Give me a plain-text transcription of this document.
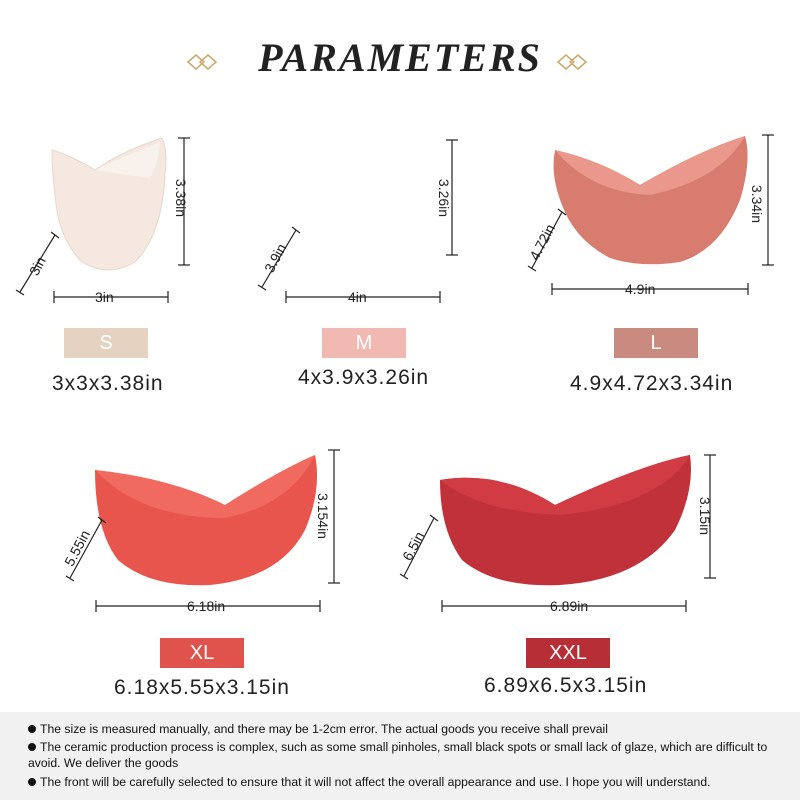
PARAMETERS
3.38in
3in
3in
3.26in
4in
3.9in
3.34in
4.9in
4.72in
3.154in
6.18in
5.55in
3.15in
6.89in
6.5in
S	M	L
XL	XXL
3x3x3.38in	4x3.9x3.26in	4.9x4.72x3.34in
6.18x5.55x3.15in	6.89x6.5x3.15in
The size is measured manually, and there may be 1-2cm error. The actual goods you receive shall prevail
The ceramic production process is complex, such as some small pinholes, small black spots or small lack of glaze, which are difficult to avoid. We deliver the goods
The front will be carefully selected to ensure that it will not affect the overall appearance and use. I hope you will understand.
